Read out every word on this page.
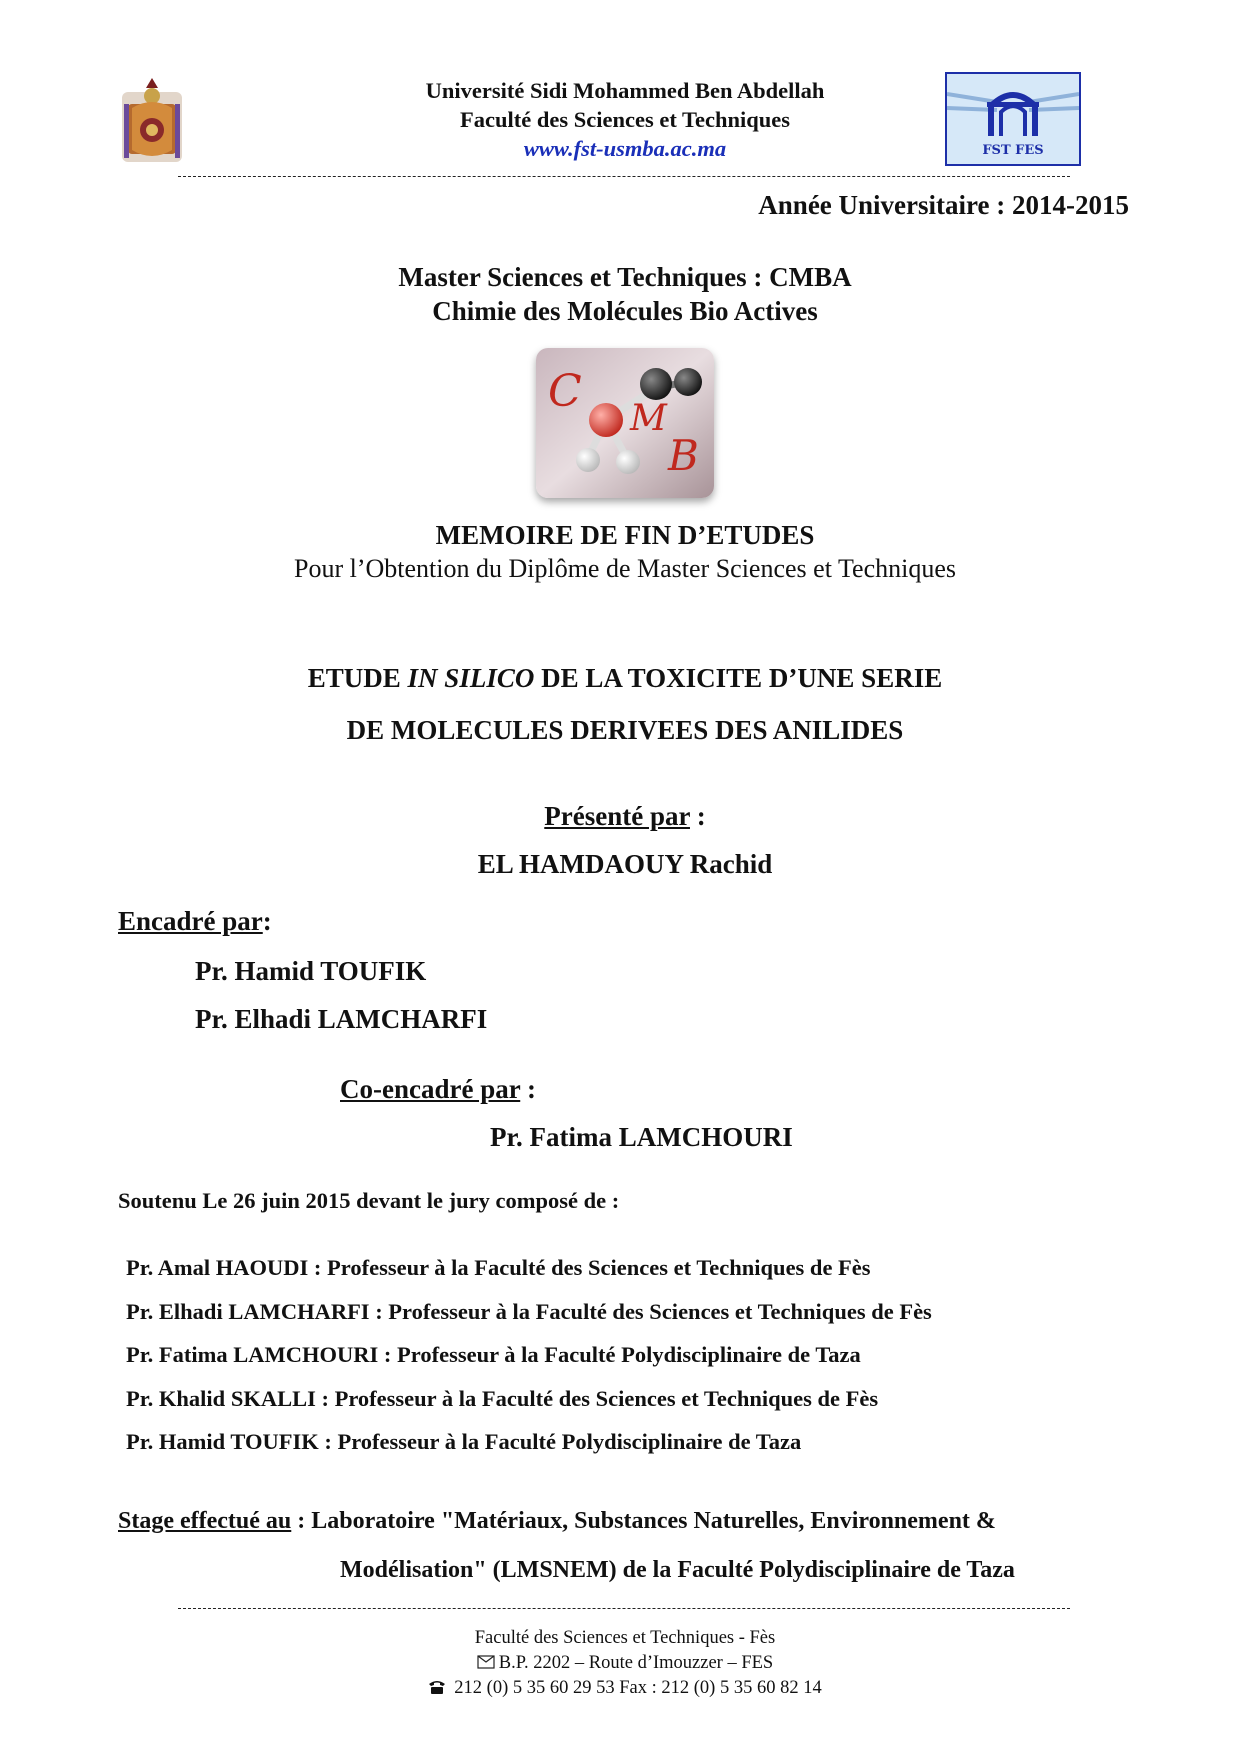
Université Sidi Mohammed Ben Abdellah
Faculté des Sciences et Techniques
www.fst-usmba.ac.ma	FST FES
Année Universitaire : 2014-2015
Master Sciences et Techniques : CMBA
Chimie des Molécules Bio Actives
C
M
B
MEMOIRE DE FIN D’ETUDES
Pour l’Obtention du Diplôme de Master Sciences et Techniques
ETUDE IN SILICO DE LA TOXICITE D’UNE SERIE
DE MOLECULES DERIVEES DES ANILIDES
Présenté par :
EL HAMDAOUY Rachid
Encadré par:
Pr. Hamid TOUFIK
Pr. Elhadi LAMCHARFI
Co-encadré par :
Pr. Fatima LAMCHOURI
Soutenu Le 26 juin 2015 devant le jury composé de :
Pr. Amal HAOUDI : Professeur à la Faculté des Sciences et Techniques de Fès
Pr. Elhadi LAMCHARFI : Professeur à la Faculté des Sciences et Techniques de Fès
Pr. Fatima LAMCHOURI : Professeur à la Faculté Polydisciplinaire de Taza
Pr. Khalid SKALLI : Professeur à la Faculté des Sciences et Techniques de Fès
Pr. Hamid TOUFIK : Professeur à la Faculté Polydisciplinaire de Taza
Stage effectué au : Laboratoire "Matériaux, Substances Naturelles, Environnement &
Modélisation" (LMSNEM) de la Faculté Polydisciplinaire de Taza
Faculté des Sciences et Techniques - Fès
B.P. 2202 – Route d’Imouzzer – FES
212 (0) 5 35 60 29 53 Fax : 212 (0) 5 35 60 82 14
